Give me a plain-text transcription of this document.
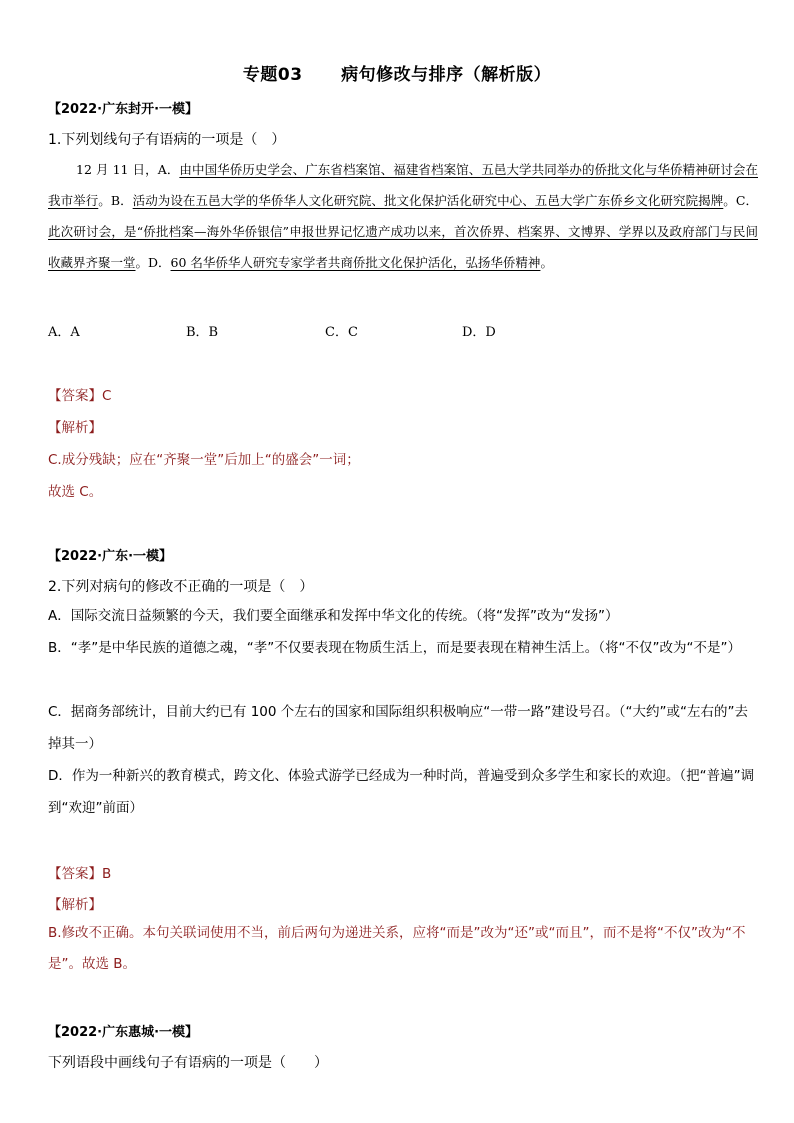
专题03      病句修改与排序（解析版）
【2022·广东封开·一模】
1.下列划线句子有语病的一项是（　）
12 月 11 日，A．由中国华侨历史学会、广东省档案馆、福建省档案馆、五邑大学共同举办的侨批文化与华侨精神研讨会在我市举行。B．活动为设在五邑大学的华侨华人文化研究院、批文化保护活化研究中心、五邑大学广东侨乡文化研究院揭牌。C．此次研讨会，是“侨批档案—海外华侨银信”申报世界记忆遗产成功以来，首次侨界、档案界、文博界、学界以及政府部门与民间收藏界齐聚一堂。D．60 名华侨华人研究专家学者共商侨批文化保护活化，弘扬华侨精神。
A．A	B．B	C．C	D．D
【答案】C
【解析】
C.成分残缺；应在“齐聚一堂”后加上“的盛会”一词；
故选 C。
【2022·广东·一模】
2.下列对病句的修改不正确的一项是（　）
A．国际交流日益频繁的今天，我们要全面继承和发挥中华文化的传统。（将“发挥”改为“发扬”）
B．“孝”是中华民族的道德之魂，“孝”不仅要表现在物质生活上，而是要表现在精神生活上。（将“不仅”改为“不是”）
C．据商务部统计，目前大约已有 100 个左右的国家和国际组织积极响应“一带一路”建设号召。（“大约”或“左右的”去掉其一）
D．作为一种新兴的教育模式，跨文化、体验式游学已经成为一种时尚，普遍受到众多学生和家长的欢迎。（把“普遍”调到“欢迎”前面）
【答案】B
【解析】
B.修改不正确。本句关联词使用不当，前后两句为递进关系，应将“而是”改为“还”或“而且”，而不是将“不仅”改为“不是”。故选 B。
【2022·广东惠城·一模】
下列语段中画线句子有语病的一项是（　　）
